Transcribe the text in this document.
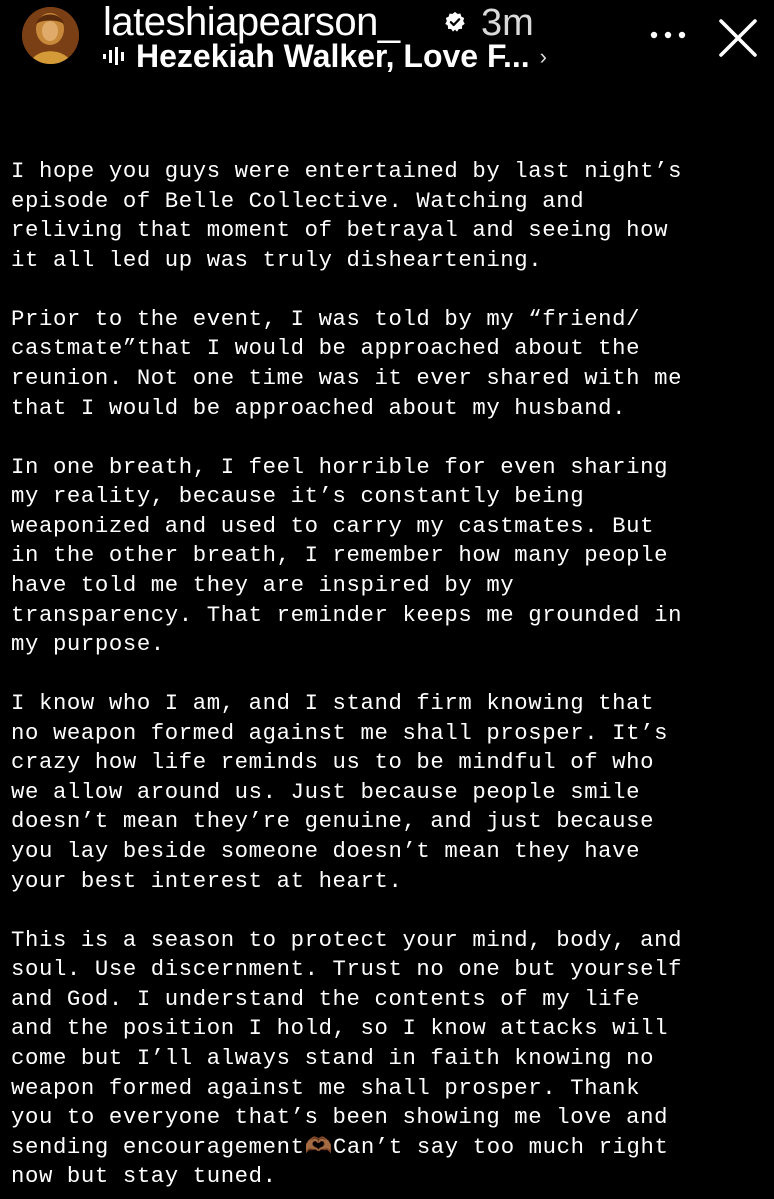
lateshiapearson_ 3m
Hezekiah Walker, Love F... ›

I hope you guys were entertained by last night’s
episode of Belle Collective. Watching and
reliving that moment of betrayal and seeing how
it all led up was truly disheartening.

Prior to the event, I was told by my “friend/
castmate”that I would be approached about the
reunion. Not one time was it ever shared with me
that I would be approached about my husband.

In one breath, I feel horrible for even sharing
my reality, because it’s constantly being
weaponized and used to carry my castmates. But
in the other breath, I remember how many people
have told me they are inspired by my
transparency. That reminder keeps me grounded in
my purpose.

I know who I am, and I stand firm knowing that
no weapon formed against me shall prosper. It’s
crazy how life reminds us to be mindful of who
we allow around us. Just because people smile
doesn’t mean they’re genuine, and just because
you lay beside someone doesn’t mean they have
your best interest at heart.

This is a season to protect your mind, body, and
soul. Use discernment. Trust no one but yourself
and God. I understand the contents of my life
and the position I hold, so I know attacks will
come but I’ll always stand in faith knowing no
weapon formed against me shall prosper. Thank
you to everyone that’s been showing me love and
sending encouragement🫶🏾Can’t say too much right
now but stay tuned.
